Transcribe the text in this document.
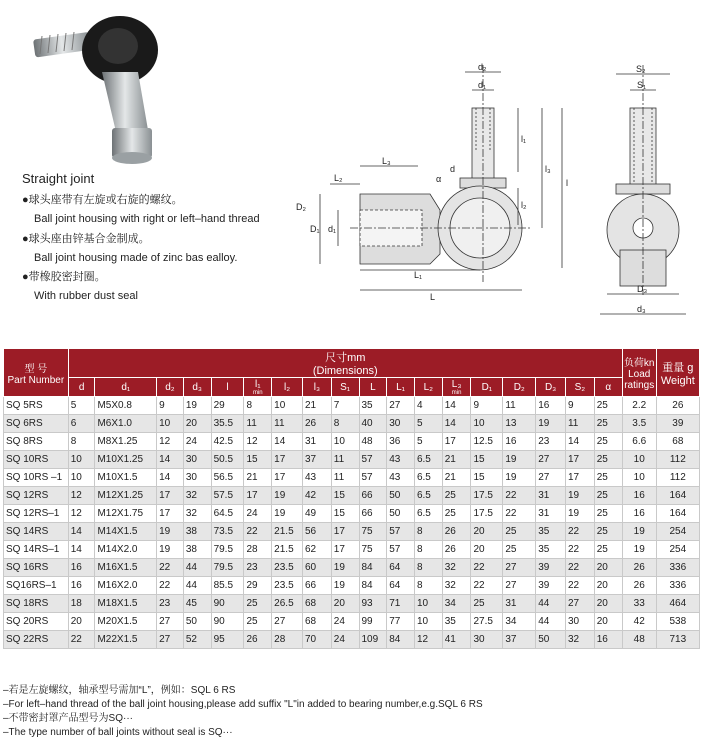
Straight joint
●球头座带有左旋或右旋的螺纹。
Ball joint housing with right or left–hand thread
●球头座由锌基合金制成。
Ball joint housing made of zinc bas ealloy.
●带橡胶密封圈。
With rubber dust seal
d₂
d₁
l₁
l₃
l
d
α
l₂
L₂
L₃
D₂
D₁ d₁
L₁
L
S₂
S₁
D₃
d₃
型 号
Part Number	尺寸mm
(Dimensions)																		负荷kn
Load ratings	重量 g
Weight
	d	d₁	d₂	d₃	l	l₁
min	l₂	l₃	S₁	L	L₁	L₂	L₃
min	D₁	D₂	D₃	S₂	α		
SQ 5RS	5	M5X0.8	9	19	29	8	10	21	7	35	27	4	14	9	11	16	9	25	2.2	26
SQ 6RS	6	M6X1.0	10	20	35.5	11	11	26	8	40	30	5	14	10	13	19	11	25	3.5	39
SQ 8RS	8	M8X1.25	12	24	42.5	12	14	31	10	48	36	5	17	12.5	16	23	14	25	6.6	68
SQ 10RS	10	M10X1.25	14	30	50.5	15	17	37	11	57	43	6.5	21	15	19	27	17	25	10	112
SQ 10RS –1	10	M10X1.5	14	30	56.5	21	17	43	11	57	43	6.5	21	15	19	27	17	25	10	112
SQ 12RS	12	M12X1.25	17	32	57.5	17	19	42	15	66	50	6.5	25	17.5	22	31	19	25	16	164
SQ 12RS–1	12	M12X1.75	17	32	64.5	24	19	49	15	66	50	6.5	25	17.5	22	31	19	25	16	164
SQ 14RS	14	M14X1.5	19	38	73.5	22	21.5	56	17	75	57	8	26	20	25	35	22	25	19	254
SQ 14RS–1	14	M14X2.0	19	38	79.5	28	21.5	62	17	75	57	8	26	20	25	35	22	25	19	254
SQ 16RS	16	M16X1.5	22	44	79.5	23	23.5	60	19	84	64	8	32	22	27	39	22	20	26	336
SQ16RS–1	16	M16X2.0	22	44	85.5	29	23.5	66	19	84	64	8	32	22	27	39	22	20	26	336
SQ 18RS	18	M18X1.5	23	45	90	25	26.5	68	20	93	71	10	34	25	31	44	27	20	33	464
SQ 20RS	20	M20X1.5	27	50	90	25	27	68	24	99	77	10	35	27.5	34	44	30	20	42	538
SQ 22RS	22	M22X1.5	27	52	95	26	28	70	24	109	84	12	41	30	37	50	32	16	48	713
–若是左旋螺纹，轴承型号需加“L”，例如：SQL 6 RS
–For left–hand thread of the ball joint housing,please add suffix "L"in added to bearing number,e.g.SQL 6 RS
–不带密封罩产品型号为SQ···
–The type number of ball joints without seal is SQ···
